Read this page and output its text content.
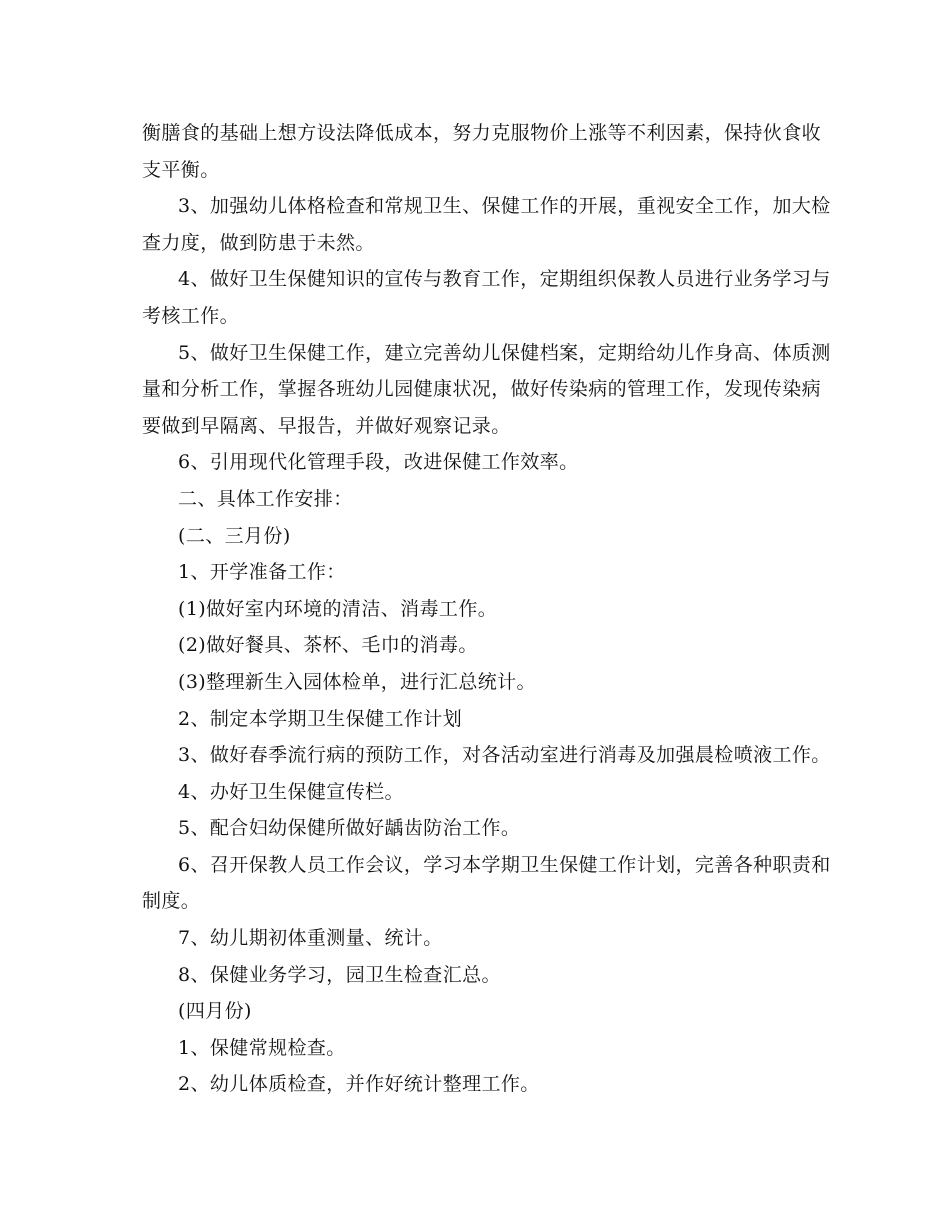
衡膳食的基础上想方设法降低成本，努力克服物价上涨等不利因素，保持伙食收
支平衡。
3、加强幼儿体格检查和常规卫生、保健工作的开展，重视安全工作，加大检
查力度，做到防患于未然。
4、做好卫生保健知识的宣传与教育工作，定期组织保教人员进行业务学习与
考核工作。
5、做好卫生保健工作，建立完善幼儿保健档案，定期给幼儿作身高、体质测
量和分析工作，掌握各班幼儿园健康状况，做好传染病的管理工作，发现传染病
要做到早隔离、早报告，并做好观察记录。
6、引用现代化管理手段，改进保健工作效率。
二、具体工作安排：
(二、三月份)
1、开学准备工作：
(1)做好室内环境的清洁、消毒工作。
(2)做好餐具、茶杯、毛巾的消毒。
(3)整理新生入园体检单，进行汇总统计。
2、制定本学期卫生保健工作计划
3、做好春季流行病的预防工作，对各活动室进行消毒及加强晨检喷液工作。
4、办好卫生保健宣传栏。
5、配合妇幼保健所做好龋齿防治工作。
6、召开保教人员工作会议，学习本学期卫生保健工作计划，完善各种职责和
制度。
7、幼儿期初体重测量、统计。
8、保健业务学习，园卫生检查汇总。
(四月份)
1、保健常规检查。
2、幼儿体质检查，并作好统计整理工作。
